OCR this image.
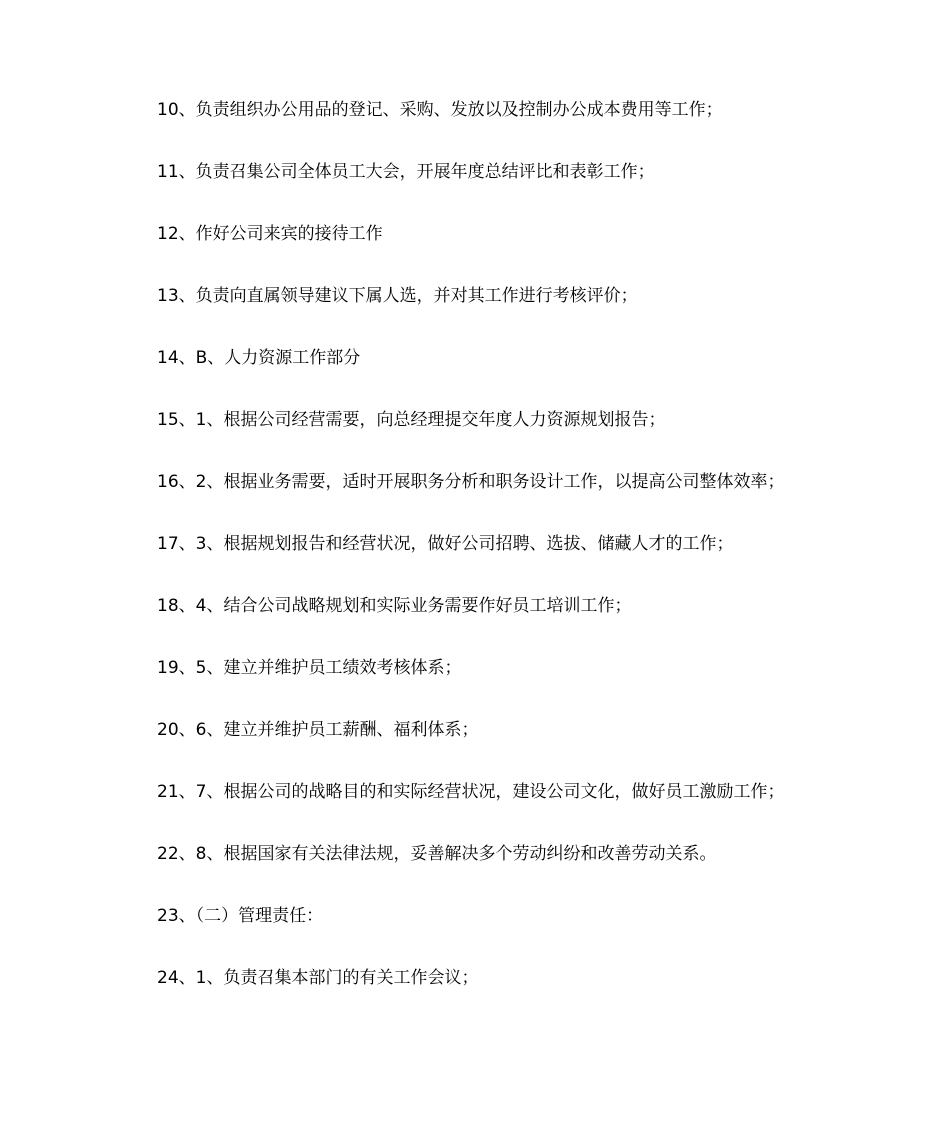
10、负责组织办公用品的登记、采购、发放以及控制办公成本费用等工作；
11、负责召集公司全体员工大会，开展年度总结评比和表彰工作；
12、作好公司来宾的接待工作
13、负责向直属领导建议下属人选，并对其工作进行考核评价；
14、B、人力资源工作部分
15、1、根据公司经营需要，向总经理提交年度人力资源规划报告；
16、2、根据业务需要，适时开展职务分析和职务设计工作，以提高公司整体效率；
17、3、根据规划报告和经营状况，做好公司招聘、选拔、储藏人才的工作；
18、4、结合公司战略规划和实际业务需要作好员工培训工作；
19、5、建立并维护员工绩效考核体系；
20、6、建立并维护员工薪酬、福利体系；
21、7、根据公司的战略目的和实际经营状况，建设公司文化，做好员工激励工作；
22、8、根据国家有关法律法规，妥善解决多个劳动纠纷和改善劳动关系。
23、（二）管理责任：
24、1、负责召集本部门的有关工作会议；
